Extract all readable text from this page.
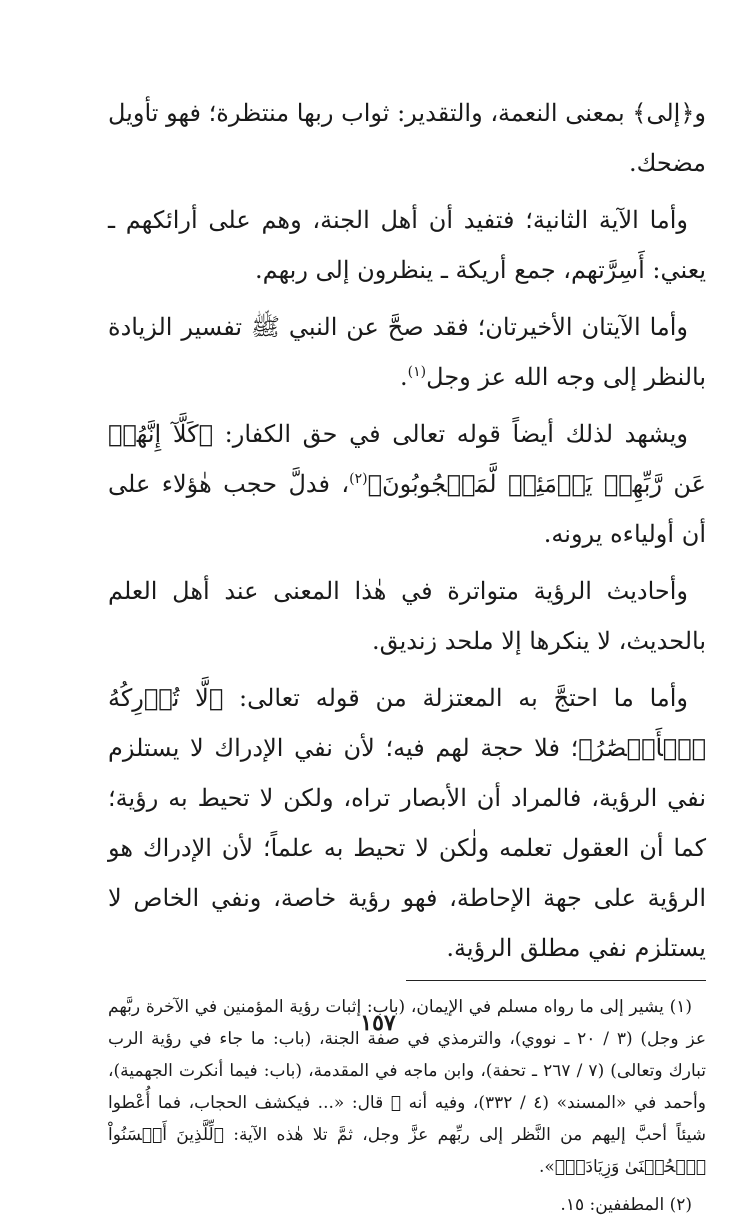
و﴿إلى﴾ بمعنى النعمة، والتقدير: ثواب ربها منتظرة؛ فهو تأويل مضحك.

وأما الآية الثانية؛ فتفيد أن أهل الجنة، وهم على أرائكهم ـ يعني: أَسِرَّتهم، جمع أريكة ـ ينظرون إلى ربهم.

وأما الآيتان الأخيرتان؛ فقد صحَّ عن النبي ﷺ تفسير الزيادة بالنظر إلى وجه الله عز وجل$^{(١)}$.

ويشهد لذلك أيضاً قوله تعالى في حق الكفار: ﴿كَلَّآ إِنَّهُمۡ عَن رَّبِّهِمۡ يَوۡمَئِذٖ لَّمَحۡجُوبُونَ﴾$^{(٢)}$، فدلَّ حجب هٰؤلاء على أن أولياءه يرونه.

وأحاديث الرؤية متواترة في هٰذا المعنى عند أهل العلم بالحديث، لا ينكرها إلا ملحد زنديق.

وأما ما احتجَّ به المعتزلة من قوله تعالى: ﴿لَّا تُدۡرِكُهُ ٱلۡأَبۡصَٰرُ﴾؛ فلا حجة لهم فيه؛ لأن نفي الإدراك لا يستلزم نفي الرؤية، فالمراد أن الأبصار تراه، ولكن لا تحيط به رؤية؛ كما أن العقول تعلمه ولٰكن لا تحيط به علماً؛ لأن الإدراك هو الرؤية على جهة الإحاطة، فهو رؤية خاصة، ونفي الخاص لا يستلزم نفي مطلق الرؤية.

(١) يشير إلى ما رواه مسلم في الإيمان، (باب: إثبات رؤية المؤمنين في الآخرة ربَّهم عز وجل) (٣ / ٢٠ ـ نووي)، والترمذي في صفة الجنة، (باب: ما جاء في رؤية الرب تبارك وتعالى) (٧ / ٢٦٧ ـ تحفة)، وابن ماجه في المقدمة، (باب: فيما أنكرت الجهمية)، وأحمد في «المسند» (٤ / ٣٣٢)، وفيه أنه ﷺ قال: «... فيكشف الحجاب، فما أُعْطوا شيئاً أحبَّ إليهم من النَّظر إلى ربِّهم عزَّ وجل، ثمَّ تلا هٰذه الآية: ﴿لِّلَّذِينَ أَحۡسَنُواْ ٱلۡحُسۡنَىٰ وَزِيَادَةٞ﴾».

(٢) المطففين: ١٥.

١٥٧
